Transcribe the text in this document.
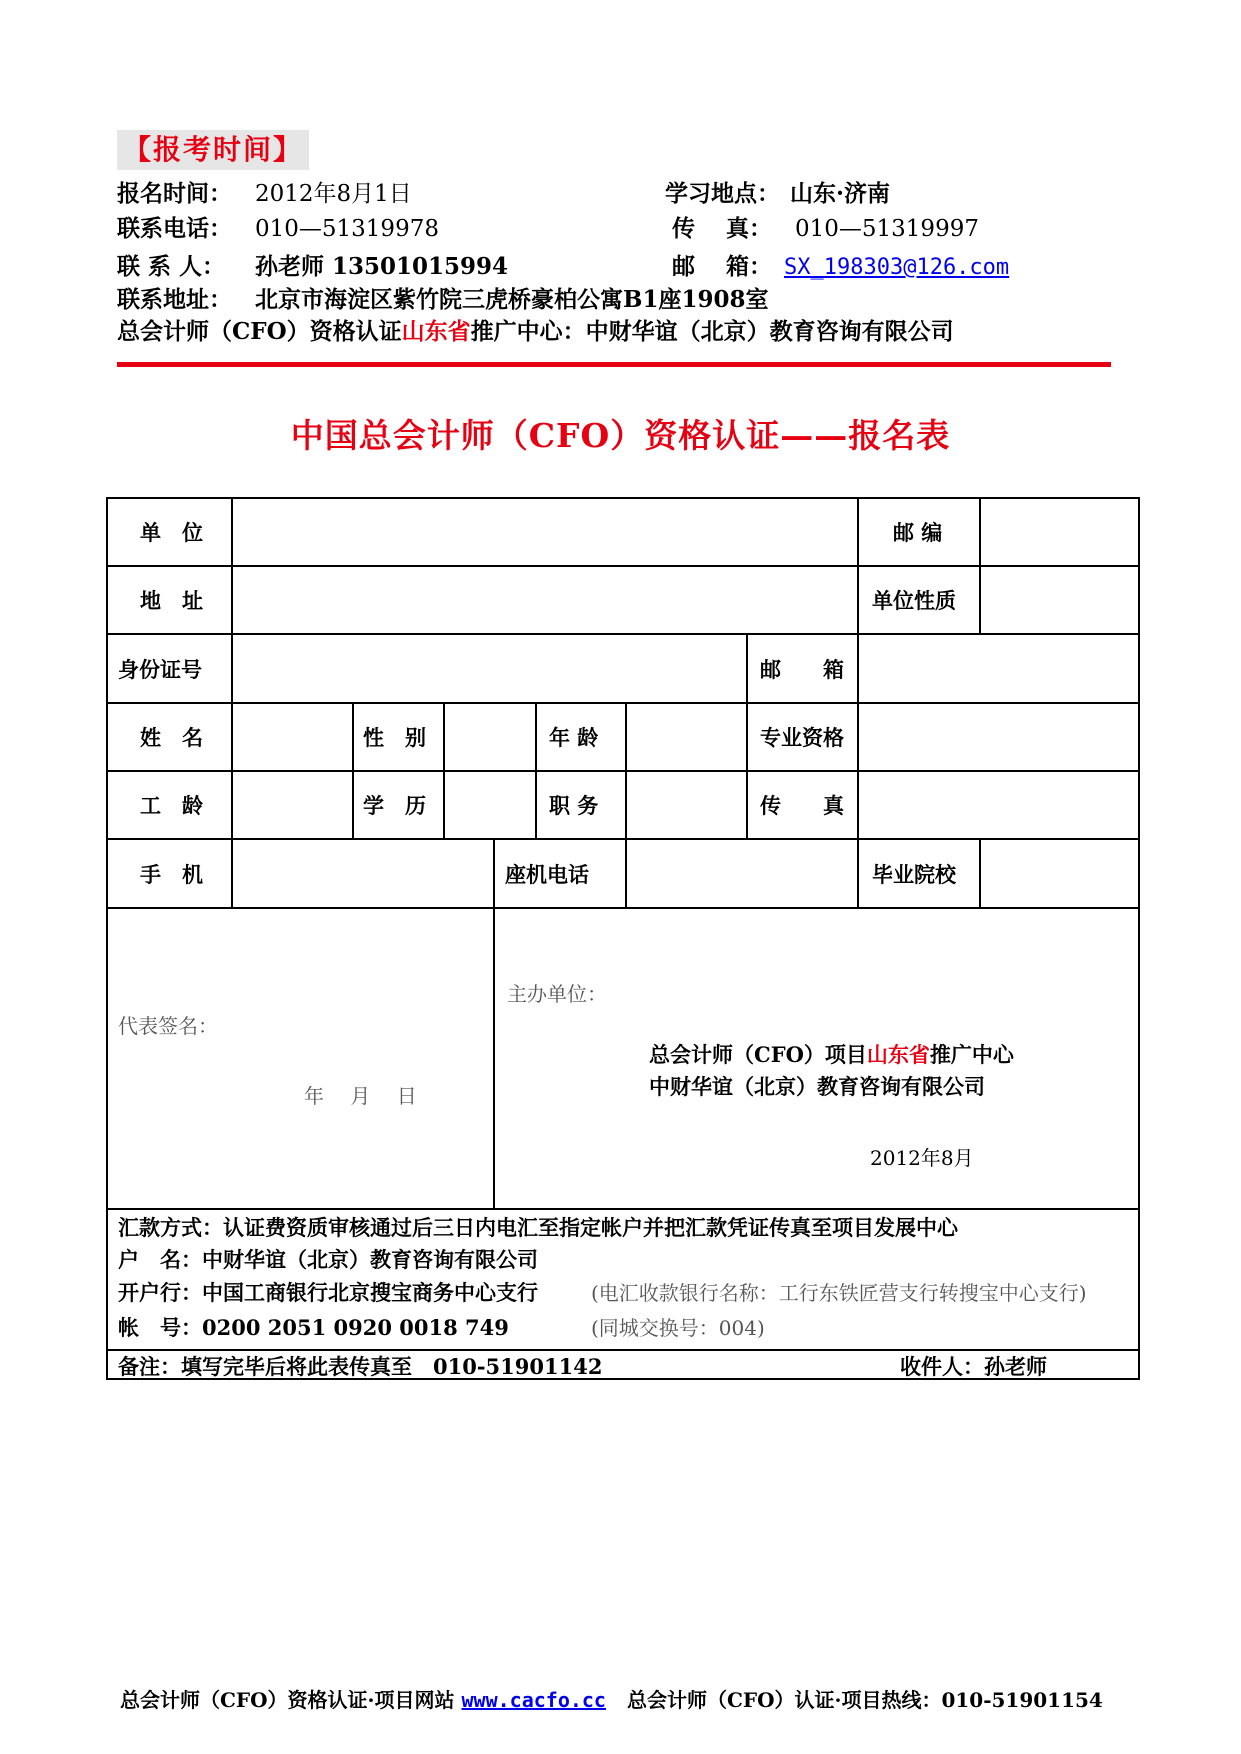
【报考时间】
报名时间： 2012年8月1日	学习地点： 山东·济南
联系电话： 010—51319978	传　 真： 010—51319997
联 系 人： 孙老师 13501015994	邮　 箱： SX_198303@126.com
联系地址： 北京市海淀区紫竹院三虎桥豪柏公寓B1座1908室
总会计师（CFO）资格认证山东省推广中心：中财华谊（北京）教育咨询有限公司
中国总会计师（CFO）资格认证——报名表
单　位	邮 编
地　址	单位性质
身份证号	邮　　箱
姓　名	性　别	年 龄	专业资格
工　龄	学　历	职 务	传　　真
手　机	座机电话	毕业院校
代表签名：
年　 月　 日
主办单位：
总会计师（CFO）项目山东省推广中心
中财华谊（北京）教育咨询有限公司
2012年8月
汇款方式：认证费资质审核通过后三日内电汇至指定帐户并把汇款凭证传真至项目发展中心
户　名：中财华谊（北京）教育咨询有限公司
开户行：中国工商银行北京搜宝商务中心支行	(电汇收款银行名称：工行东铁匠营支行转搜宝中心支行)
帐　号：0200 2051 0920 0018 749	(同城交换号：004)
备注：填写完毕后将此表传真至　010-51901142	收件人：孙老师
总会计师（CFO）资格认证·项目网站 www.cacfo.cc 总会计师（CFO）认证·项目热线：010-51901154
